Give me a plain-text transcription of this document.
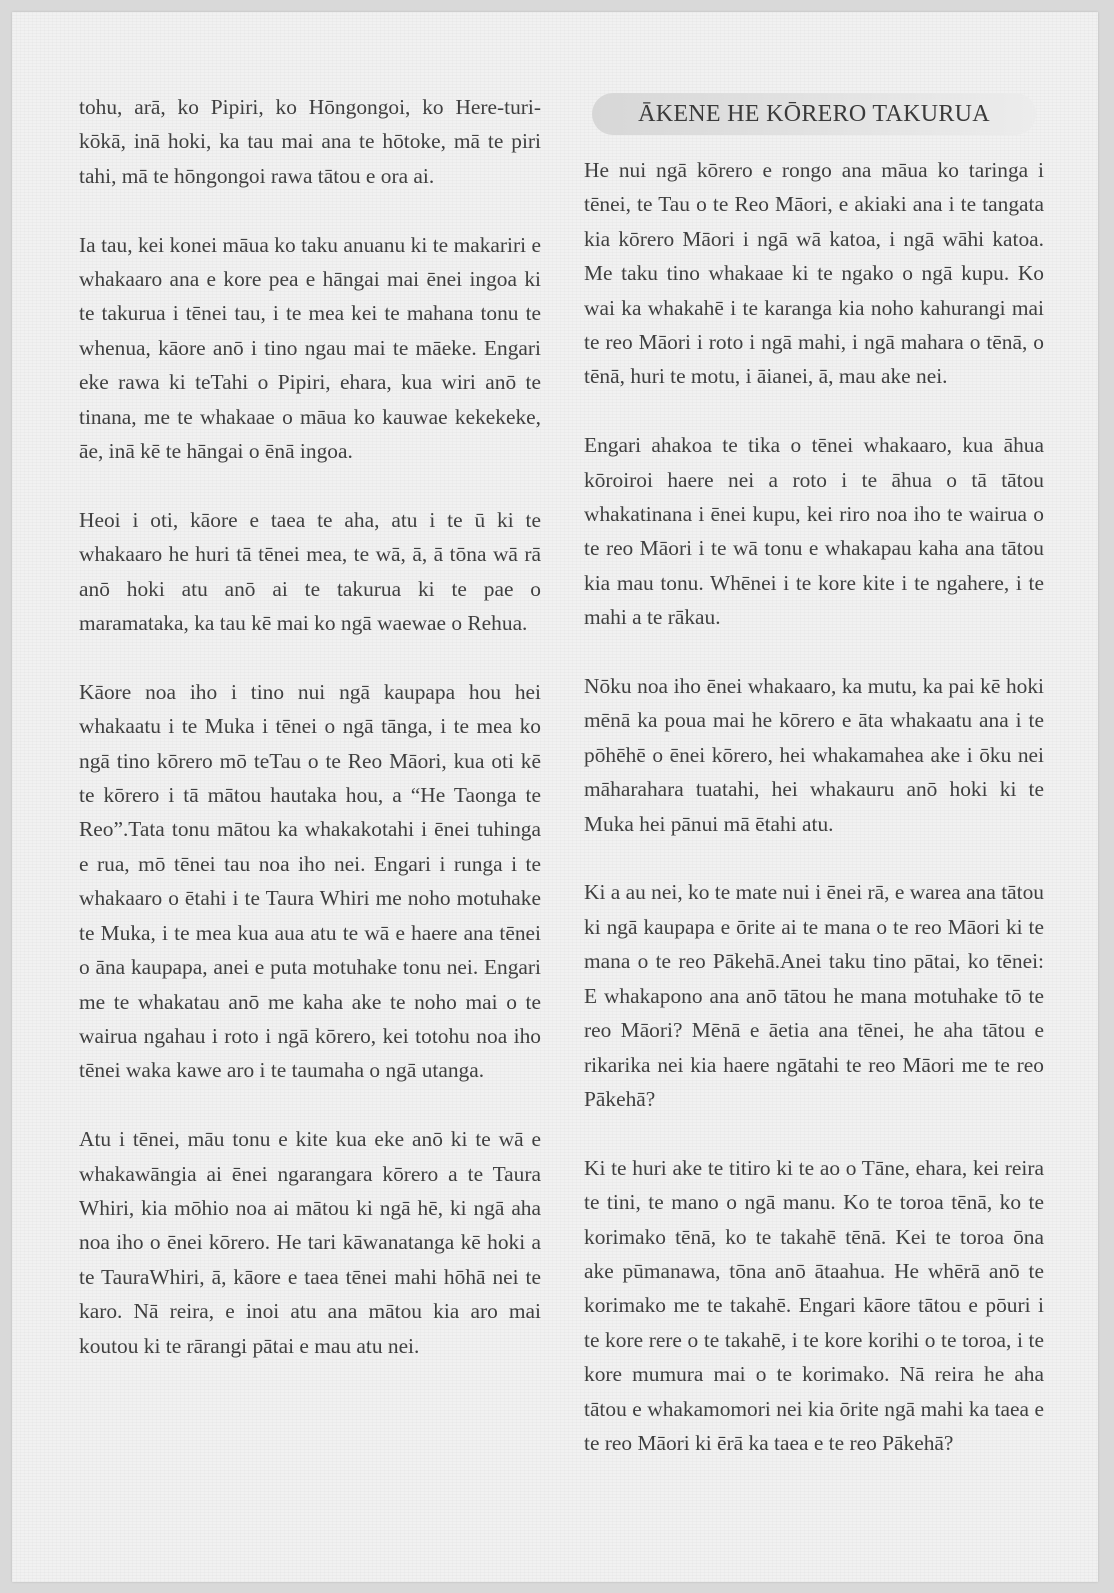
tohu, arā, ko Pipiri, ko Hōngongoi, ko Here-turi-kōkā, inā hoki, ka tau mai ana te hōtoke, mā te piri tahi, mā te hōngongoi rawa tātou e ora ai.

Ia tau, kei konei māua ko taku anuanu ki te makariri e whakaaro ana e kore pea e hāngai mai ēnei ingoa ki te takurua i tēnei tau, i te mea kei te mahana tonu te whenua, kāore anō i tino ngau mai te māeke. Engari eke rawa ki teTahi o Pipiri, ehara, kua wiri anō te tinana, me te whakaae o māua ko kauwae kekekeke, āe, inā kē te hāngai o ēnā ingoa.

Heoi i oti, kāore e taea te aha, atu i te ū ki te whakaaro he huri tā tēnei mea, te wā, ā, ā tōna wā rā anō hoki atu anō ai te takurua ki te pae o maramataka, ka tau kē mai ko ngā waewae o Rehua.

Kāore noa iho i tino nui ngā kaupapa hou hei whakaatu i te Muka i tēnei o ngā tānga, i te mea ko ngā tino kōrero mō teTau o te Reo Māori, kua oti kē te kōrero i tā mātou hautaka hou, a “He Taonga te Reo”.Tata tonu mātou ka whakakotahi i ēnei tuhinga e rua, mō tēnei tau noa iho nei. Engari i runga i te whakaaro o ētahi i te Taura Whiri me noho motuhake te Muka, i te mea kua aua atu te wā e haere ana tēnei o āna kaupapa, anei e puta motuhake tonu nei. Engari me te whakatau anō me kaha ake te noho mai o te wairua ngahau i roto i ngā kōrero, kei totohu noa iho tēnei waka kawe aro i te taumaha o ngā utanga.

Atu i tēnei, māu tonu e kite kua eke anō ki te wā e whakawāngia ai ēnei ngarangara kōrero a te Taura Whiri, kia mōhio noa ai mātou ki ngā hē, ki ngā aha noa iho o ēnei kōrero. He tari kāwanatanga kē hoki a te TauraWhiri, ā, kāore e taea tēnei mahi hōhā nei te karo. Nā reira, e inoi atu ana mātou kia aro mai koutou ki te rārangi pātai e mau atu nei.

ĀKENE HE KŌRERO TAKURUA

He nui ngā kōrero e rongo ana māua ko taringa i tēnei, te Tau o te Reo Māori, e akiaki ana i te tangata kia kōrero Māori i ngā wā katoa, i ngā wāhi katoa. Me taku tino whakaae ki te ngako o ngā kupu. Ko wai ka whakahē i te karanga kia noho kahurangi mai te reo Māori i roto i ngā mahi, i ngā mahara o tēnā, o tēnā, huri te motu, i āianei, ā, mau ake nei.

Engari ahakoa te tika o tēnei whakaaro, kua āhua kōroiroi haere nei a roto i te āhua o tā tātou whakatinana i ēnei kupu, kei riro noa iho te wairua o te reo Māori i te wā tonu e whakapau kaha ana tātou kia mau tonu. Whēnei i te kore kite i te ngahere, i te mahi a te rākau.

Nōku noa iho ēnei whakaaro, ka mutu, ka pai kē hoki mēnā ka poua mai he kōrero e āta whakaatu ana i te pōhēhē o ēnei kōrero, hei whakamahea ake i ōku nei māharahara tuatahi, hei whakauru anō hoki ki te Muka hei pānui mā ētahi atu.

Ki a au nei, ko te mate nui i ēnei rā, e warea ana tātou ki ngā kaupapa e ōrite ai te mana o te reo Māori ki te mana o te reo Pākehā.Anei taku tino pātai, ko tēnei: E whakapono ana anō tātou he mana motuhake tō te reo Māori? Mēnā e āetia ana tēnei, he aha tātou e rikarika nei kia haere ngātahi te reo Māori me te reo Pākehā?

Ki te huri ake te titiro ki te ao o Tāne, ehara, kei reira te tini, te mano o ngā manu. Ko te toroa tēnā, ko te korimako tēnā, ko te takahē tēnā. Kei te toroa ōna ake pūmanawa, tōna anō ātaahua. He whērā anō te korimako me te takahē. Engari kāore tātou e pōuri i te kore rere o te takahē, i te kore korihi o te toroa, i te kore mumura mai o te korimako. Nā reira he aha tātou e whakamomori nei kia ōrite ngā mahi ka taea e te reo Māori ki ērā ka taea e te reo Pākehā?
